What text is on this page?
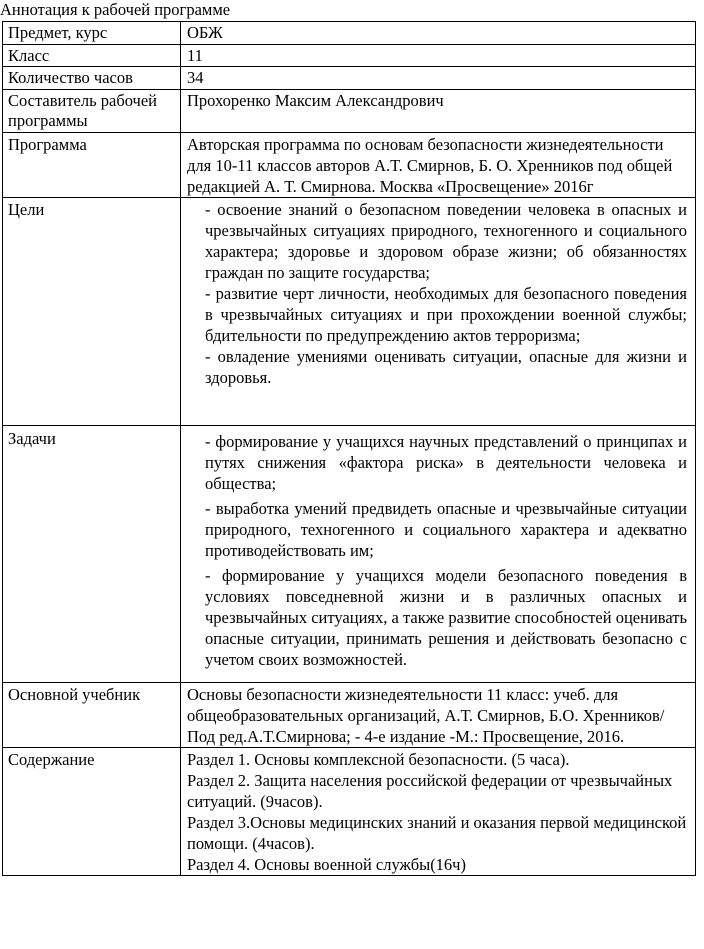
Аннотация к рабочей программе
Предмет, курс	ОБЖ
Класс	11
Количество часов	34
Составитель рабочей программы	Прохоренко Максим Александрович
Программа	Авторская программа по основам безопасности жизнедеятельности для 10-11 классов авторов А.Т. Смирнов, Б. О. Хренников под общей редакцией А. Т. Смирнова. Москва «Просвещение» 2016г
Цели	- освоение знаний о безопасном поведении человека в опасных и чрезвычайных ситуациях природного, техногенного и социального характера; здоровье и здоровом образе жизни; об обязанностях граждан по защите государства;
- развитие черт личности, необходимых для безопасного поведения в чрезвычайных ситуациях и при прохождении военной службы; бдительности по предупреждению актов терроризма;
- овладение умениями оценивать ситуации, опасные для жизни и здоровья.

Задачи	- формирование у учащихся научных представлений о принципах и путях снижения «фактора риска» в деятельности человека и общества;
- выработка умений предвидеть опасные и чрезвычайные ситуации природного, техногенного и социального характера и адекватно противодействовать им;
- формирование у учащихся модели безопасного поведения в условиях повседневной жизни и в различных опасных и чрезвычайных ситуациях, а также развитие способностей оценивать опасные ситуации, принимать решения и действовать безопасно с учетом своих возможностей.

Основной учебник	Основы безопасности жизнедеятельности 11 класс: учеб. для общеобразовательных организаций, А.Т. Смирнов, Б.О. Хренников/Под ред.А.Т.Смирнова; - 4-е издание -М.: Просвещение, 2016.
Содержание	Раздел 1. Основы комплексной безопасности. (5 часа).
Раздел 2. Защита населения российской федерации от чрезвычайных ситуаций. (9часов).
Раздел 3.Основы медицинских знаний и оказания первой медицинской помощи. (4часов).
Раздел 4. Основы военной службы(16ч)
